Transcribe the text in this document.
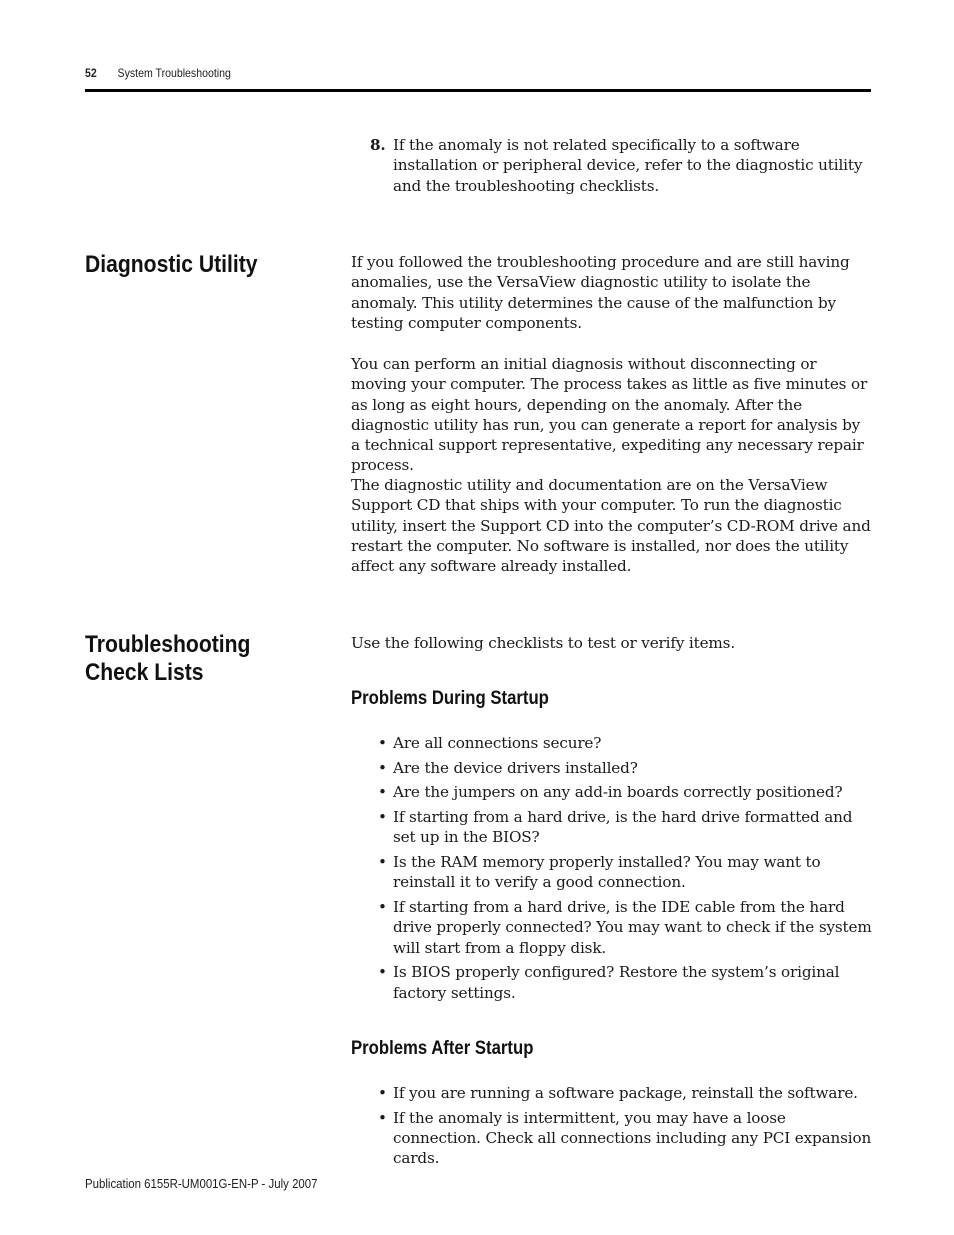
52 System Troubleshooting
8. If the anomaly is not related specifically to a software installation or peripheral device, refer to the diagnostic utility and the troubleshooting checklists.
Diagnostic Utility	If you followed the troubleshooting procedure and are still having anomalies, use the VersaView diagnostic utility to isolate the anomaly. This utility determines the cause of the malfunction by testing computer components.

You can perform an initial diagnosis without disconnecting or moving your computer. The process takes as little as five minutes or as long as eight hours, depending on the anomaly. After the diagnostic utility has run, you can generate a report for analysis by a technical support representative, expediting any necessary repair process.

The diagnostic utility and documentation are on the VersaView Support CD that ships with your computer. To run the diagnostic utility, insert the Support CD into the computer’s CD-ROM drive and restart the computer. No software is installed, nor does the utility affect any software already installed.

Troubleshooting Check Lists

Use the following checklists to test or verify items.

Problems During Startup
• Are all connections secure?
• Are the device drivers installed?
• Are the jumpers on any add-in boards correctly positioned?
• If starting from a hard drive, is the hard drive formatted and set up in the BIOS?
• Is the RAM memory properly installed? You may want to reinstall it to verify a good connection.
• If starting from a hard drive, is the IDE cable from the hard drive properly connected? You may want to check if the system will start from a floppy disk.
• Is BIOS properly configured? Restore the system’s original factory settings.
Problems After Startup
• If you are running a software package, reinstall the software.
• If the anomaly is intermittent, you may have a loose connection. Check all connections including any PCI expansion cards.
Publication 6155R-UM001G-EN-P - July 2007
